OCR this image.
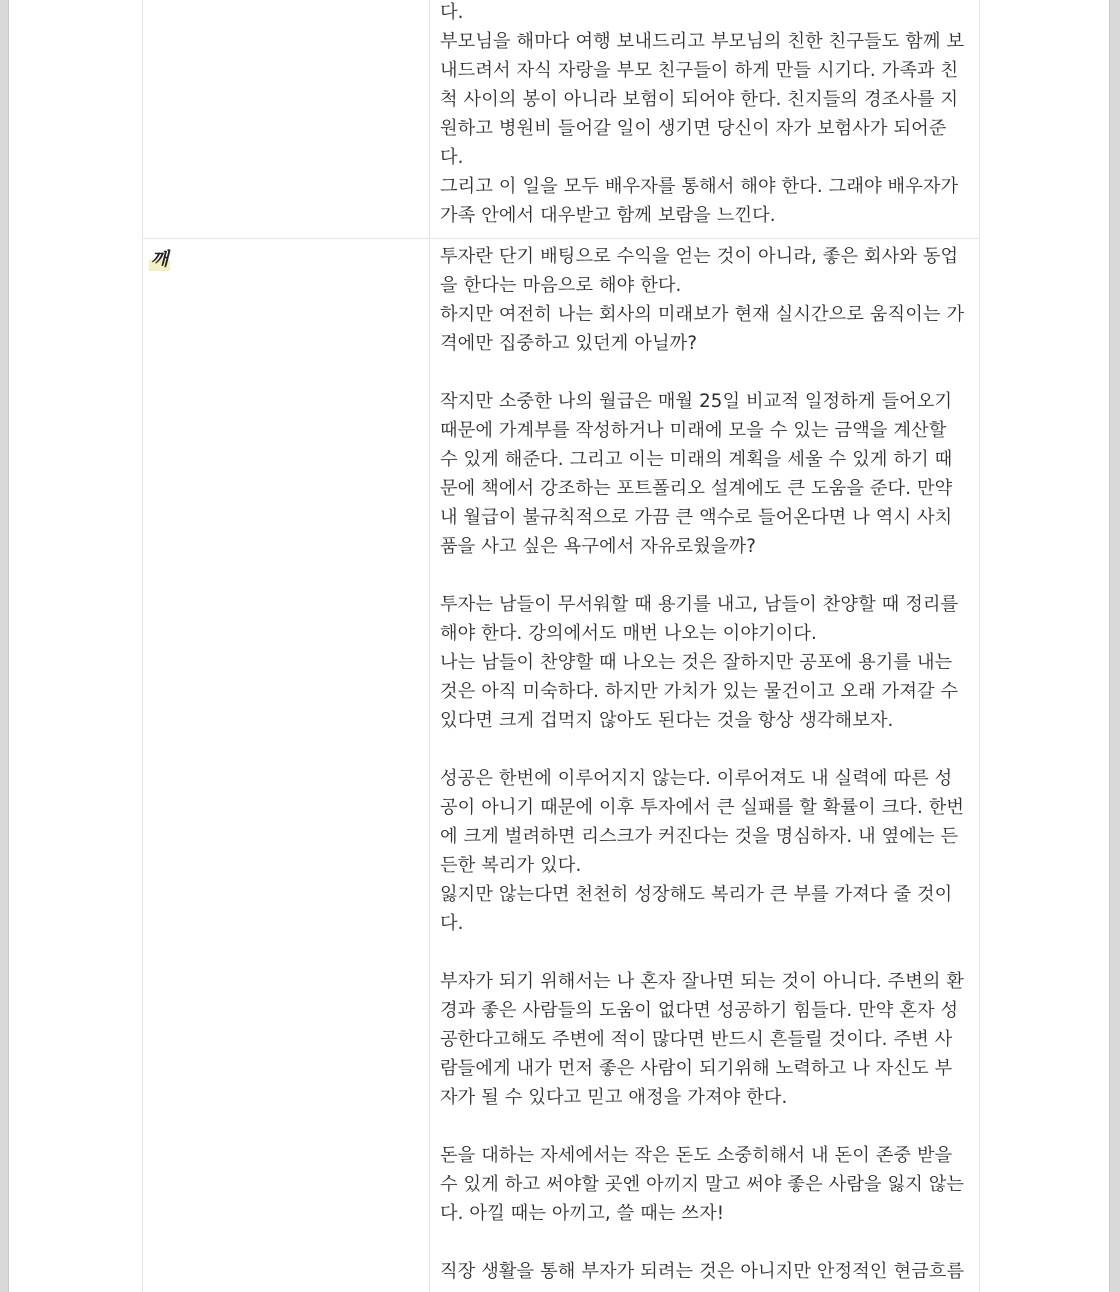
다.
부모님을 해마다 여행 보내드리고 부모님의 친한 친구들도 함께 보
내드려서 자식 자랑을 부모 친구들이 하게 만들 시기다. 가족과 친
척 사이의 봉이 아니라 보험이 되어야 한다. 친지들의 경조사를 지
원하고 병원비 들어갈 일이 생기면 당신이 자가 보험사가 되어준
다.
그리고 이 일을 모두 배우자를 통해서 해야 한다. 그래야 배우자가
가족 안에서 대우받고 함께 보람을 느낀다.
깨	투자란 단기 배팅으로 수익을 얻는 것이 아니라, 좋은 회사와 동업
을 한다는 마음으로 해야 한다.
하지만 여전히 나는 회사의 미래보가 현재 실시간으로 움직이는 가
격에만 집중하고 있던게 아닐까?
작지만 소중한 나의 월급은 매월 25일 비교적 일정하게 들어오기
때문에 가계부를 작성하거나 미래에 모을 수 있는 금액을 계산할
수 있게 해준다. 그리고 이는 미래의 계획을 세울 수 있게 하기 때
문에 책에서 강조하는 포트폴리오 설계에도 큰 도움을 준다. 만약
내 월급이 불규칙적으로 가끔 큰 액수로 들어온다면 나 역시 사치
품을 사고 싶은 욕구에서 자유로웠을까?
투자는 남들이 무서워할 때 용기를 내고, 남들이 찬양할 때 정리를
해야 한다. 강의에서도 매번 나오는 이야기이다.
나는 남들이 찬양할 때 나오는 것은 잘하지만 공포에 용기를 내는
것은 아직 미숙하다. 하지만 가치가 있는 물건이고 오래 가져갈 수
있다면 크게 겁먹지 않아도 된다는 것을 항상 생각해보자.
성공은 한번에 이루어지지 않는다. 이루어져도 내 실력에 따른 성
공이 아니기 때문에 이후 투자에서 큰 실패를 할 확률이 크다. 한번
에 크게 벌려하면 리스크가 커진다는 것을 명심하자. 내 옆에는 든
든한 복리가 있다.
잃지만 않는다면 천천히 성장해도 복리가 큰 부를 가져다 줄 것이
다.
부자가 되기 위해서는 나 혼자 잘나면 되는 것이 아니다. 주변의 환
경과 좋은 사람들의 도움이 없다면 성공하기 힘들다. 만약 혼자 성
공한다고해도 주변에 적이 많다면 반드시 흔들릴 것이다. 주변 사
람들에게 내가 먼저 좋은 사람이 되기위해 노력하고 나 자신도 부
자가 될 수 있다고 믿고 애정을 가져야 한다.
돈을 대하는 자세에서는 작은 돈도 소중히해서 내 돈이 존중 받을
수 있게 하고 써야할 곳엔 아끼지 말고 써야 좋은 사람을 잃지 않는
다. 아낄 때는 아끼고, 쓸 때는 쓰자!
직장 생활을 통해 부자가 되려는 것은 아니지만 안정적인 현금흐름
